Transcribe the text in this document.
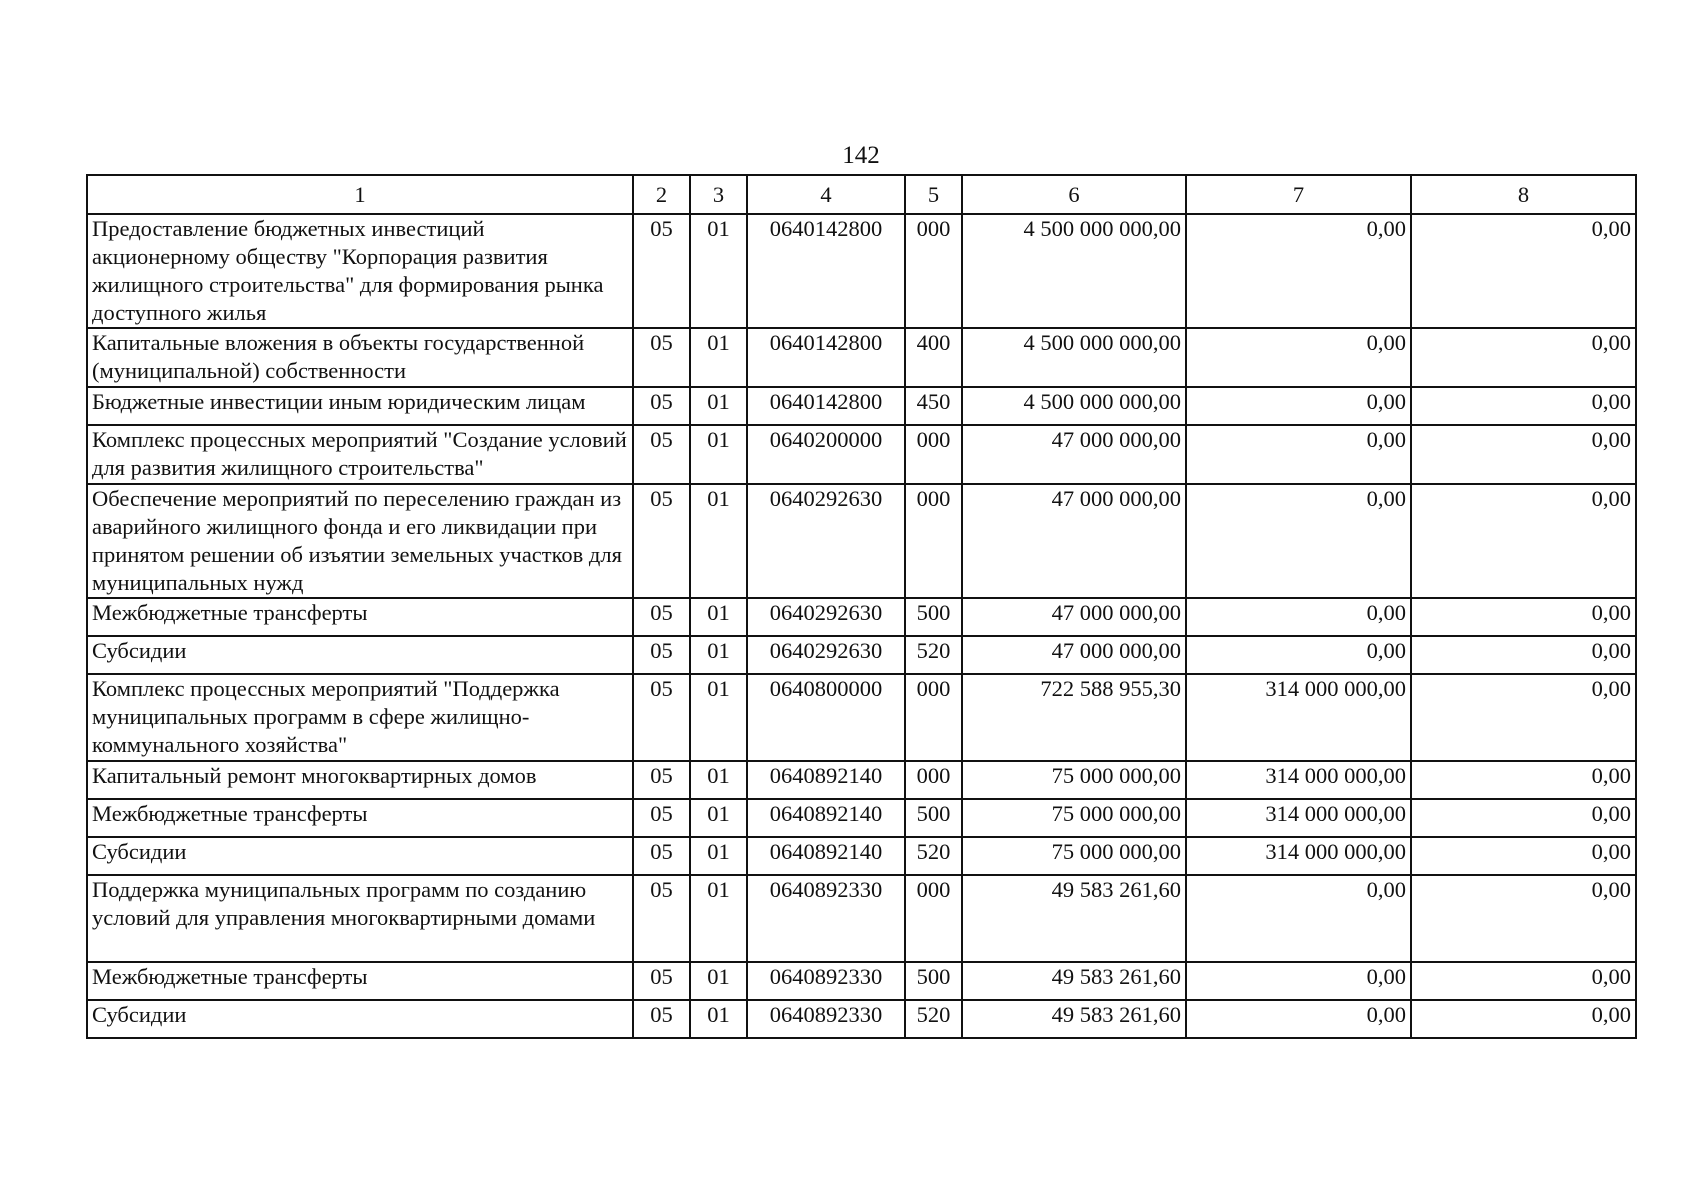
142
1	2	3	4	5	6	7	8
Предоставление бюджетных инвестиций акционерному обществу "Корпорация развития жилищного строительства" для формирования рынка доступного жилья	05	01	0640142800	000	4 500 000 000,00	0,00	0,00
Капитальные вложения в объекты государственной (муниципальной) собственности	05	01	0640142800	400	4 500 000 000,00	0,00	0,00
Бюджетные инвестиции иным юридическим лицам	05	01	0640142800	450	4 500 000 000,00	0,00	0,00
Комплекс процессных мероприятий "Создание условий для развития жилищного строительства"	05	01	0640200000	000	47 000 000,00	0,00	0,00
Обеспечение мероприятий по переселению граждан из аварийного жилищного фонда и его ликвидации при принятом решении об изъятии земельных участков для муниципальных нужд	05	01	0640292630	000	47 000 000,00	0,00	0,00
Межбюджетные трансферты	05	01	0640292630	500	47 000 000,00	0,00	0,00
Субсидии	05	01	0640292630	520	47 000 000,00	0,00	0,00
Комплекс процессных мероприятий "Поддержка муниципальных программ в сфере жилищно-коммунального хозяйства"	05	01	0640800000	000	722 588 955,30	314 000 000,00	0,00
Капитальный ремонт многоквартирных домов	05	01	0640892140	000	75 000 000,00	314 000 000,00	0,00
Межбюджетные трансферты	05	01	0640892140	500	75 000 000,00	314 000 000,00	0,00
Субсидии	05	01	0640892140	520	75 000 000,00	314 000 000,00	0,00
Поддержка муниципальных программ по созданию условий для управления многоквартирными домами	05	01	0640892330	000	49 583 261,60	0,00	0,00
Межбюджетные трансферты	05	01	0640892330	500	49 583 261,60	0,00	0,00
Субсидии	05	01	0640892330	520	49 583 261,60	0,00	0,00
